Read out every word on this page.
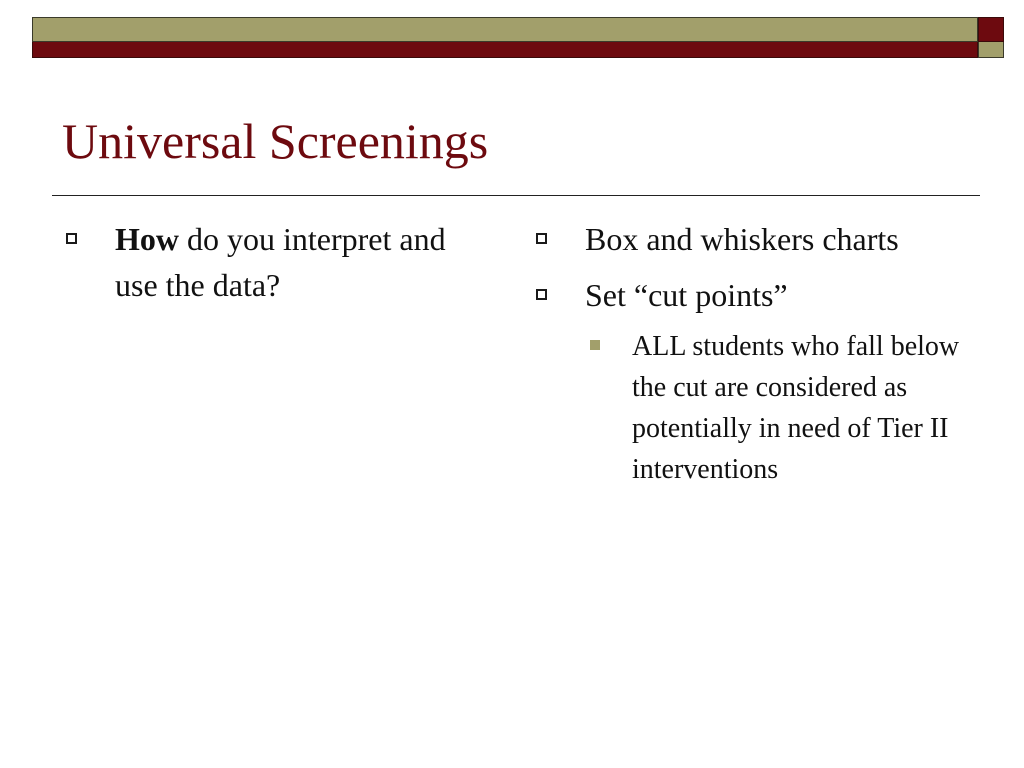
Universal Screenings
How do you interpret and use the data?
Box and whiskers charts
Set “cut points”
ALL students who fall below the cut are considered as potentially in need of Tier II interventions
